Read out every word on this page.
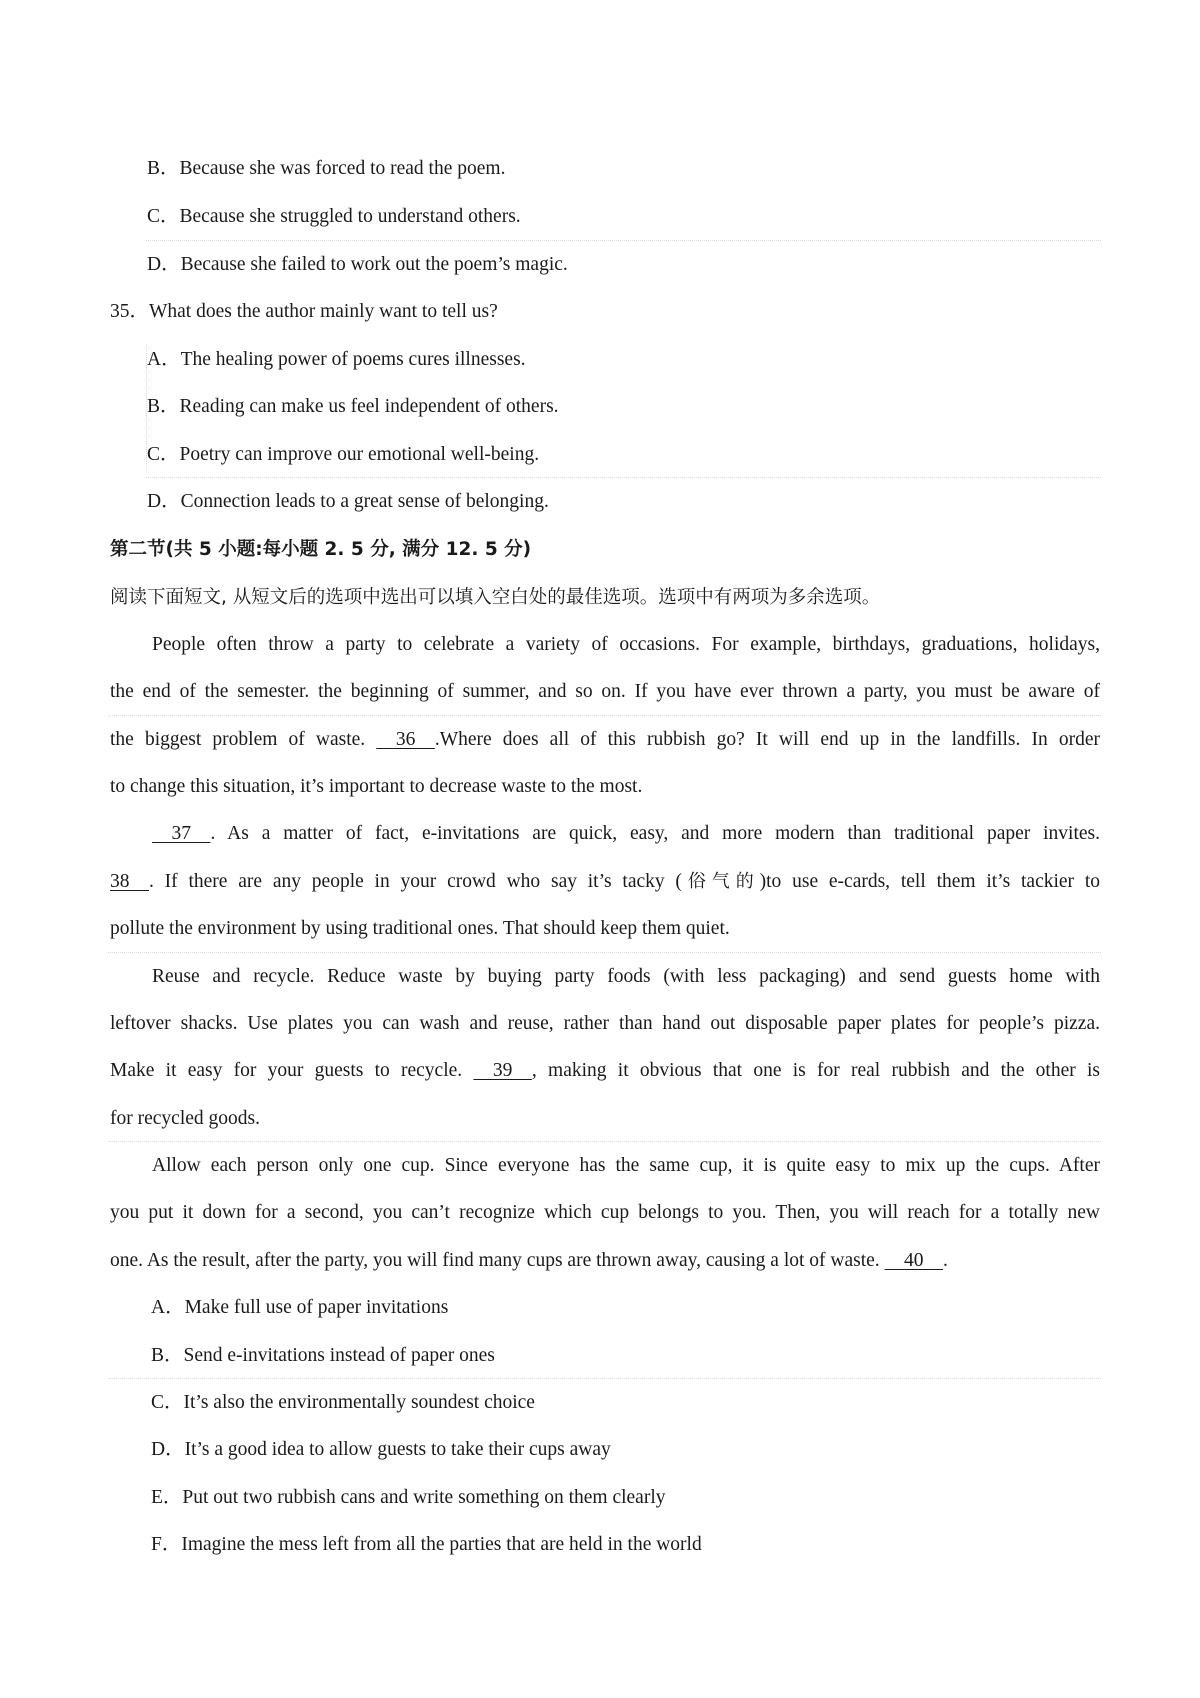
B．Because she was forced to read the poem.
C．Because she struggled to understand others.
D．Because she failed to work out the poem’s magic.
35．What does the author mainly want to tell us?
A．The healing power of poems cures illnesses.
B．Reading can make us feel independent of others.
C．Poetry can improve our emotional well-being.
D．Connection leads to a great sense of belonging.
第二节(共 5 小题:每小题 2. 5 分, 满分 12. 5 分)
阅读下面短文, 从短文后的选项中选出可以填入空白处的最佳选项。选项中有两项为多余选项。
People often throw a party to celebrate a variety of occasions. For example, birthdays, graduations, holidays,
the end of the semester. the beginning of summer, and so on. If you have ever thrown a party, you must be aware of
the biggest problem of waste.     36    .Where does all of this rubbish go? It will end up in the landfills. In order
to change this situation, it’s important to decrease waste to the most.
37    . As a matter of fact, e-invitations are quick, easy, and more modern than traditional paper invites.
38    . If there are any people in your crowd who say it’s tacky (俗气的)to use e-cards, tell them it’s tackier to
pollute the environment by using traditional ones. That should keep them quiet.
Reuse and recycle. Reduce waste by buying party foods (with less packaging) and send guests home with
leftover shacks. Use plates you can wash and reuse, rather than hand out disposable paper plates for people’s pizza.
Make it easy for your guests to recycle.     39    , making it obvious that one is for real rubbish and the other is
for recycled goods.
Allow each person only one cup. Since everyone has the same cup, it is quite easy to mix up the cups. After
you put it down for a second, you can’t recognize which cup belongs to you. Then, you will reach for a totally new
one. As the result, after the party, you will find many cups are thrown away, causing a lot of waste.     40    .
A．Make full use of paper invitations
B．Send e-invitations instead of paper ones
C．It’s also the environmentally soundest choice
D．It’s a good idea to allow guests to take their cups away
E．Put out two rubbish cans and write something on them clearly
F．Imagine the mess left from all the parties that are held in the world
